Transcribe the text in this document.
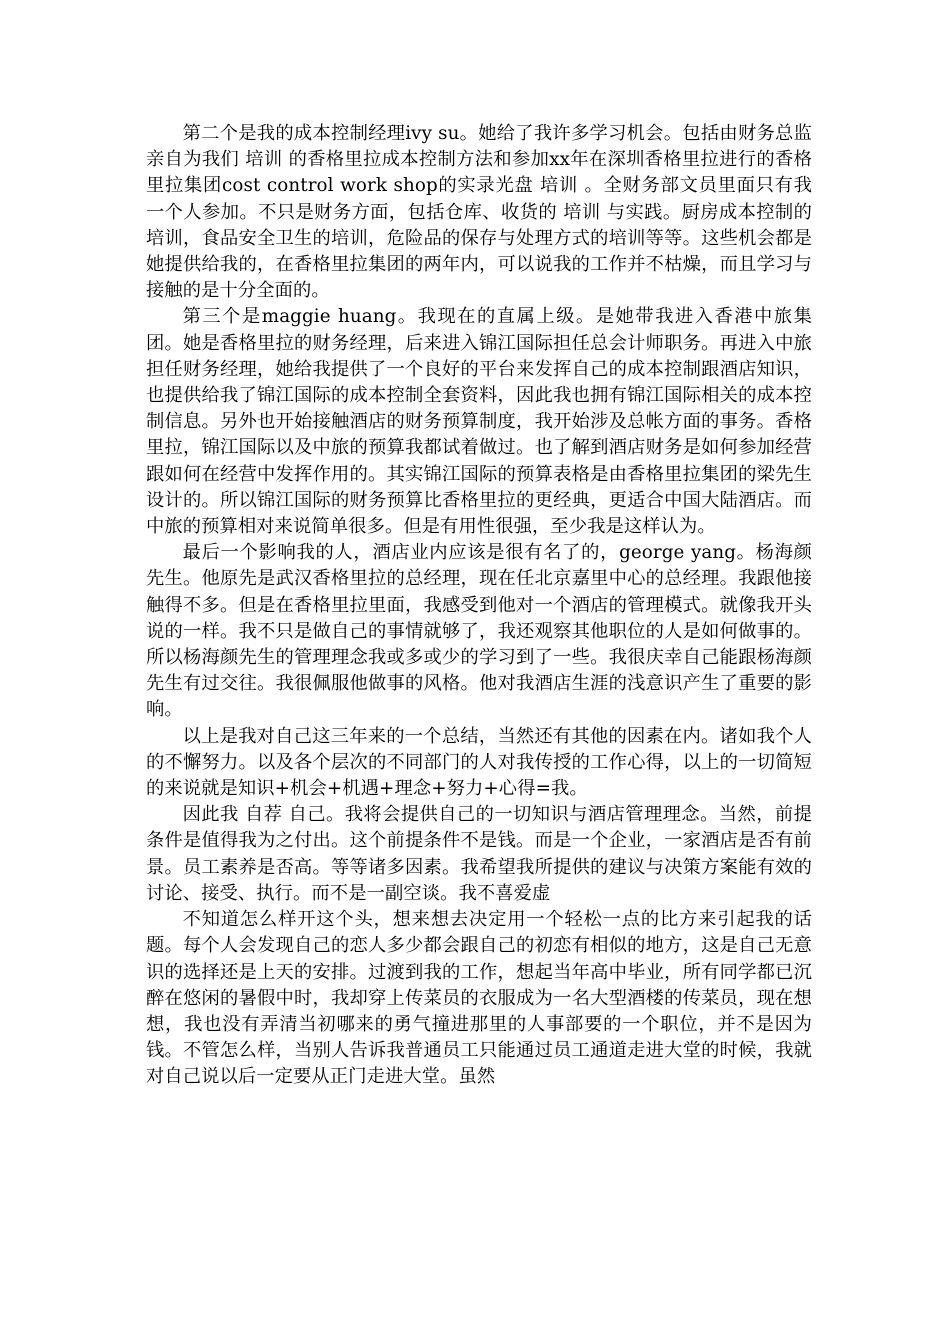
第二个是我的成本控制经理ivy su。她给了我许多学习机会。包括由财务总监亲自为我们 培训 的香格里拉成本控制方法和参加xx年在深圳香格里拉进行的香格里拉集团cost control work shop的实录光盘 培训 。全财务部文员里面只有我一个人参加。不只是财务方面，包括仓库、收货的 培训 与实践。厨房成本控制的培训，食品安全卫生的培训，危险品的保存与处理方式的培训等等。这些机会都是她提供给我的，在香格里拉集团的两年内，可以说我的工作并不枯燥，而且学习与接触的是十分全面的。

第三个是maggie huang。我现在的直属上级。是她带我进入香港中旅集团。她是香格里拉的财务经理，后来进入锦江国际担任总会计师职务。再进入中旅担任财务经理，她给我提供了一个良好的平台来发挥自己的成本控制跟酒店知识， 也提供给我了锦江国际的成本控制全套资料，因此我也拥有锦江国际相关的成本控制信息。另外也开始接触酒店的财务预算制度，我开始涉及总帐方面的事务。香格里拉，锦江国际以及中旅的预算我都试着做过。也了解到酒店财务是如何参加经营跟如何在经营中发挥作用的。其实锦江国际的预算表格是由香格里拉集团的梁先生设计的。所以锦江国际的财务预算比香格里拉的更经典，更适合中国大陆酒店。而中旅的预算相对来说简单很多。但是有用性很强，至少我是这样认为。

最后一个影响我的人，酒店业内应该是很有名了的，george yang。杨海颜先生。他原先是武汉香格里拉的总经理，现在任北京嘉里中心的总经理。我跟他接触得不多。但是在香格里拉里面，我感受到他对一个酒店的管理模式。就像我开头说的一样。我不只是做自己的事情就够了，我还观察其他职位的人是如何做事的。所以杨海颜先生的管理理念我或多或少的学习到了一些。我很庆幸自己能跟杨海颜先生有过交往。我很佩服他做事的风格。他对我酒店生涯的浅意识产生了重要的影响。

以上是我对自己这三年来的一个总结，当然还有其他的因素在内。诸如我个人的不懈努力。以及各个层次的不同部门的人对我传授的工作心得，以上的一切简短的来说就是知识+机会+机遇+理念+努力+心得=我。

因此我 自荐 自己。我将会提供自己的一切知识与酒店管理理念。当然，前提条件是值得我为之付出。这个前提条件不是钱。而是一个企业，一家酒店是否有前景。员工素养是否高。等等诸多因素。我希望我所提供的建议与决策方案能有效的讨论、接受、执行。而不是一副空谈。我不喜爱虚

不知道怎么样开这个头，想来想去决定用一个轻松一点的比方来引起我的话题。每个人会发现自己的恋人多少都会跟自己的初恋有相似的地方，这是自己无意识的选择还是上天的安排。过渡到我的工作，想起当年高中毕业，所有同学都已沉醉在悠闲的暑假中时，我却穿上传菜员的衣服成为一名大型酒楼的传菜员，现在想想，我也没有弄清当初哪来的勇气撞进那里的人事部要的一个职位，并不是因为钱。不管怎么样，当别人告诉我普通员工只能通过员工通道走进大堂的时候，我就对自己说以后一定要从正门走进大堂。虽然
